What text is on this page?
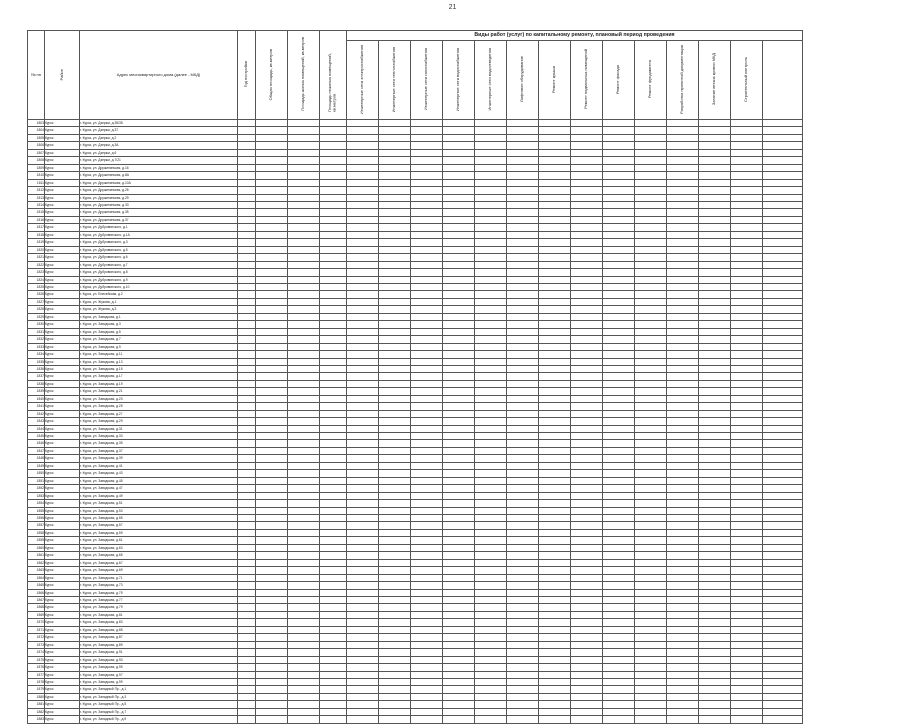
21
№ пп	Район	Адрес многоквартирного дома (далее - МКД)	Год постройки	Общая площадь, кв.метров	Площадь жилых помещений, кв.метров	Площадь нежилых помещений, кв.метров	Виды работ (услуг) по капитальному ремонту, плановый период проведения													
							Инженерные сети электроснабжения	Инженерные сети теплоснабжения	Инженерные сети газоснабжения	Инженерные сети водоснабжения	Инженерные сети водоотведения	Лифтовое оборудование	Ремонт крыши	Ремонт подвальных помещений	Ремонт фасада	Ремонт фундамента	Разработка проектной документации	Занятие ветхих кровли МКД	Строительный контроль	
1803	Курск	г. Курск, ул. Дзержи, д.35/35																		
1804	Курск	г. Курск, ул. Дзержи, д.37																		
1805	Курск	г. Курск, ул. Дзержи, д.2																		
1806	Курск	г. Курск, ул. Дзержи, д.3А																		
1807	Курск	г. Курск, ул. Дзержи, д.6																		
1808	Курск	г. Курск, ул. Дзержи, д.7/21																		
1809	Курск	г. Курск, ул. Дружининская, д.16																		
1810	Курск	г. Курск, ул. Дружининская, д.8А																		
1811	Курск	г. Курск, ул. Дружининская, д.10А																		
1812	Курск	г. Курск, ул. Дружининская, д.25																		
1813	Курск	г. Курск, ул. Дружининская, д.29																		
1814	Курск	г. Курск, ул. Дружининская, д.33																		
1815	Курск	г. Курск, ул. Дружининская, д.35																		
1816	Курск	г. Курск, ул. Дружининская, д.37																		
1817	Курск	г. Курск, ул. Дубровинского, д.1																		
1818	Курск	г. Курск, ул. Дубровинского, д.1А																		
1819	Курск	г. Курск, ул. Дубровинского, д.3																		
1820	Курск	г. Курск, ул. Дубровинского, д.5																		
1821	Курск	г. Курск, ул. Дубровинского, д.6																		
1822	Курск	г. Курск, ул. Дубровинского, д.7																		
1823	Курск	г. Курск, ул. Дубровинского, д.8																		
1824	Курск	г. Курск, ул. Дубровинского, д.9																		
1825	Курск	г. Курск, ул. Дубровинского, д.10																		
1826	Курск	г. Курск, ул. Енисейская, д.2																		
1827	Курск	г. Курск, ул. Жукова, д.1																		
1828	Курск	г. Курск, ул. Жукова, д.3																		
1829	Курск	г. Курск, ул. Заводская, д.1																		
1830	Курск	г. Курск, ул. Заводская, д.3																		
1831	Курск	г. Курск, ул. Заводская, д.5																		
1832	Курск	г. Курск, ул. Заводская, д.7																		
1833	Курск	г. Курск, ул. Заводская, д.9																		
1834	Курск	г. Курск, ул. Заводская, д.11																		
1835	Курск	г. Курск, ул. Заводская, д.13																		
1836	Курск	г. Курск, ул. Заводская, д.15																		
1837	Курск	г. Курск, ул. Заводская, д.17																		
1838	Курск	г. Курск, ул. Заводская, д.19																		
1839	Курск	г. Курск, ул. Заводская, д.21																		
1840	Курск	г. Курск, ул. Заводская, д.23																		
1841	Курск	г. Курск, ул. Заводская, д.25																		
1842	Курск	г. Курск, ул. Заводская, д.27																		
1843	Курск	г. Курск, ул. Заводская, д.29																		
1844	Курск	г. Курск, ул. Заводская, д.31																		
1845	Курск	г. Курск, ул. Заводская, д.33																		
1846	Курск	г. Курск, ул. Заводская, д.35																		
1847	Курск	г. Курск, ул. Заводская, д.37																		
1848	Курск	г. Курск, ул. Заводская, д.39																		
1849	Курск	г. Курск, ул. Заводская, д.41																		
1850	Курск	г. Курск, ул. Заводская, д.43																		
1851	Курск	г. Курск, ул. Заводская, д.45																		
1852	Курск	г. Курск, ул. Заводская, д.47																		
1853	Курск	г. Курск, ул. Заводская, д.49																		
1854	Курск	г. Курск, ул. Заводская, д.51																		
1855	Курск	г. Курск, ул. Заводская, д.53																		
1856	Курск	г. Курск, ул. Заводская, д.55																		
1857	Курск	г. Курск, ул. Заводская, д.57																		
1858	Курск	г. Курск, ул. Заводская, д.59																		
1859	Курск	г. Курск, ул. Заводская, д.61																		
1860	Курск	г. Курск, ул. Заводская, д.63																		
1861	Курск	г. Курск, ул. Заводская, д.65																		
1862	Курск	г. Курск, ул. Заводская, д.67																		
1863	Курск	г. Курск, ул. Заводская, д.69																		
1864	Курск	г. Курск, ул. Заводская, д.71																		
1865	Курск	г. Курск, ул. Заводская, д.73																		
1866	Курск	г. Курск, ул. Заводская, д.75																		
1867	Курск	г. Курск, ул. Заводская, д.77																		
1868	Курск	г. Курск, ул. Заводская, д.79																		
1869	Курск	г. Курск, ул. Заводская, д.81																		
1870	Курск	г. Курск, ул. Заводская, д.83																		
1871	Курск	г. Курск, ул. Заводская, д.85																		
1872	Курск	г. Курск, ул. Заводская, д.87																		
1873	Курск	г. Курск, ул. Заводская, д.89																		
1874	Курск	г. Курск, ул. Заводская, д.91																		
1875	Курск	г. Курск, ул. Заводская, д.93																		
1876	Курск	г. Курск, ул. Заводская, д.95																		
1877	Курск	г. Курск, ул. Заводская, д.97																		
1878	Курск	г. Курск, ул. Заводская, д.99																		
1879	Курск	г. Курск, ул. Западный Пр., д.1																		
1880	Курск	г. Курск, ул. Западный Пр., д.3																		
1881	Курск	г. Курск, ул. Западный Пр., д.5																		
1882	Курск	г. Курск, ул. Западный Пр., д.7																		
1883	Курск	г. Курск, ул. Западный Пр., д.9																		
